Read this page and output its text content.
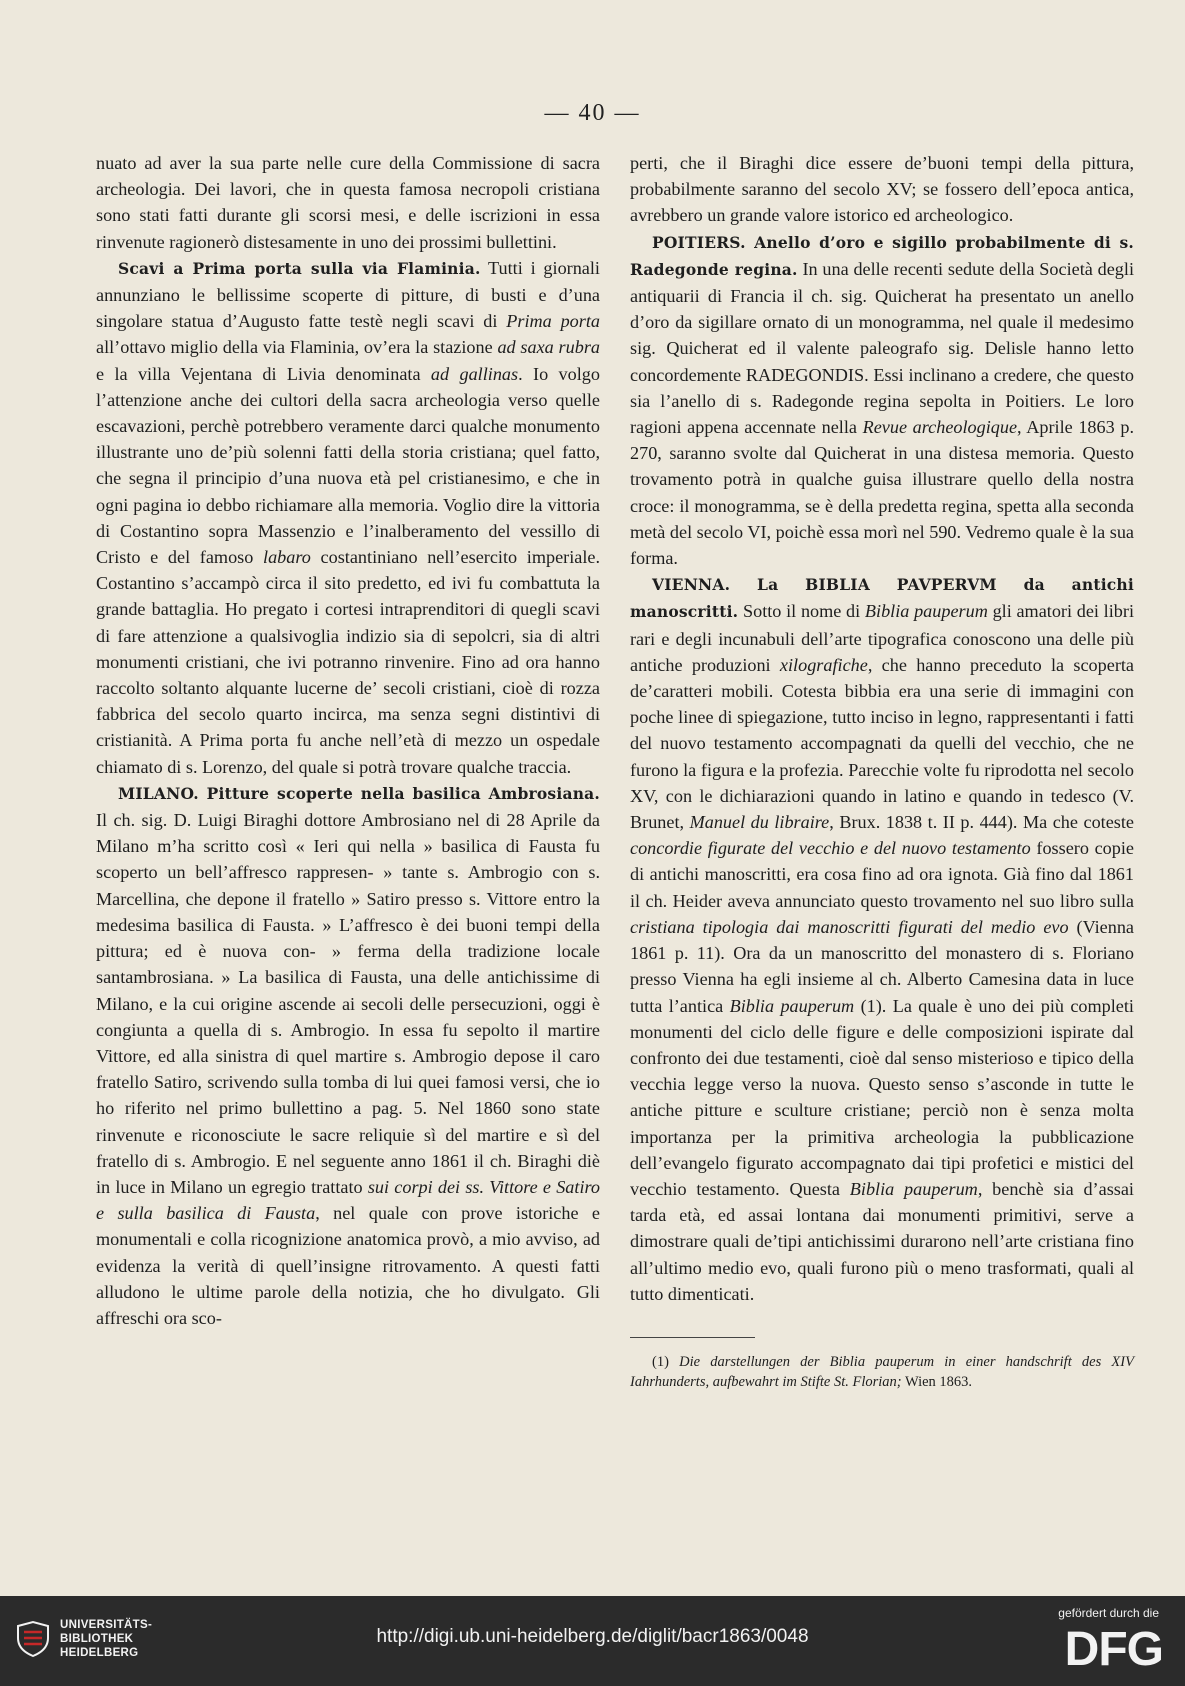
— 40 —

nuato ad aver la sua parte nelle cure della Commissione di sacra archeologia. Dei lavori, che in questa famosa necropoli cristiana sono stati fatti durante gli scorsi mesi, e delle iscrizioni in essa rinvenute ragionerò distesamente in uno dei prossimi bullettini.

Scavi a Prima porta sulla via Flaminia. Tutti i giornali annunziano le bellissime scoperte di pitture, di busti e d’una singolare statua d’Augusto fatte testè negli scavi di Prima porta all’ottavo miglio della via Flaminia, ov’era la stazione ad saxa rubra e la villa Vejentana di Livia denominata ad gallinas. Io volgo l’attenzione anche dei cultori della sacra archeologia verso quelle escavazioni, perchè potrebbero veramente darci qualche monumento illustrante uno de’più solenni fatti della storia cristiana; quel fatto, che segna il principio d’una nuova età pel cristianesimo, e che in ogni pagina io debbo richiamare alla memoria. Voglio dire la vittoria di Costantino sopra Massenzio e l’inalberamento del vessillo di Cristo e del famoso labaro costantiniano nell’esercito imperiale. Costantino s’accampò circa il sito predetto, ed ivi fu combattuta la grande battaglia. Ho pregato i cortesi intraprenditori di quegli scavi di fare attenzione a qualsivoglia indizio sia di sepolcri, sia di altri monumenti cristiani, che ivi potranno rinvenire. Fino ad ora hanno raccolto soltanto alquante lucerne de’ secoli cristiani, cioè di rozza fabbrica del secolo quarto incirca, ma senza segni distintivi di cristianità. A Prima porta fu anche nell’età di mezzo un ospedale chiamato di s. Lorenzo, del quale si potrà trovare qualche traccia.

MILANO. Pitture scoperte nella basilica Ambrosiana. Il ch. sig. D. Luigi Biraghi dottore Ambrosiano nel di 28 Aprile da Milano m’ha scritto così « Ieri qui nella » basilica di Fausta fu scoperto un bell’affresco rappresen- » tante s. Ambrogio con s. Marcellina, che depone il fratello » Satiro presso s. Vittore entro la medesima basilica di Fausta. » L’affresco è dei buoni tempi della pittura; ed è nuova con- » ferma della tradizione locale santambrosiana. » La basilica di Fausta, una delle antichissime di Milano, e la cui origine ascende ai secoli delle persecuzioni, oggi è congiunta a quella di s. Ambrogio. In essa fu sepolto il martire Vittore, ed alla sinistra di quel martire s. Ambrogio depose il caro fratello Satiro, scrivendo sulla tomba di lui quei famosi versi, che io ho riferito nel primo bullettino a pag. 5. Nel 1860 sono state rinvenute e riconosciute le sacre reliquie sì del martire e sì del fratello di s. Ambrogio. E nel seguente anno 1861 il ch. Biraghi diè in luce in Milano un egregio trattato sui corpi dei ss. Vittore e Satiro e sulla basilica di Fausta, nel quale con prove istoriche e monumentali e colla ricognizione anatomica provò, a mio avviso, ad evidenza la verità di quell’insigne ritrovamento. A questi fatti alludono le ultime parole della notizia, che ho divulgato. Gli affreschi ora sco-

perti, che il Biraghi dice essere de’buoni tempi della pittura, probabilmente saranno del secolo XV; se fossero dell’epoca antica, avrebbero un grande valore istorico ed archeologico.

POITIERS. Anello d’oro e sigillo probabilmente di s. Radegonde regina. In una delle recenti sedute della Società degli antiquarii di Francia il ch. sig. Quicherat ha presentato un anello d’oro da sigillare ornato di un monogramma, nel quale il medesimo sig. Quicherat ed il valente paleografo sig. Delisle hanno letto concordemente RADEGONDIS. Essi inclinano a credere, che questo sia l’anello di s. Radegonde regina sepolta in Poitiers. Le loro ragioni appena accennate nella Revue archeologique, Aprile 1863 p. 270, saranno svolte dal Quicherat in una distesa memoria. Questo trovamento potrà in qualche guisa illustrare quello della nostra croce: il monogramma, se è della predetta regina, spetta alla seconda metà del secolo VI, poichè essa morì nel 590. Vedremo quale è la sua forma.

VIENNA. La BIBLIA PAVPERVM da antichi manoscritti. Sotto il nome di Biblia pauperum gli amatori dei libri rari e degli incunabuli dell’arte tipografica conoscono una delle più antiche produzioni xilografiche, che hanno preceduto la scoperta de’caratteri mobili. Cotesta bibbia era una serie di immagini con poche linee di spiegazione, tutto inciso in legno, rappresentanti i fatti del nuovo testamento accompagnati da quelli del vecchio, che ne furono la figura e la profezia. Parecchie volte fu riprodotta nel secolo XV, con le dichiarazioni quando in latino e quando in tedesco (V. Brunet, Manuel du libraire, Brux. 1838 t. II p. 444). Ma che coteste concordie figurate del vecchio e del nuovo testamento fossero copie di antichi manoscritti, era cosa fino ad ora ignota. Già fino dal 1861 il ch. Heider aveva annunciato questo trovamento nel suo libro sulla cristiana tipologia dai manoscritti figurati del medio evo (Vienna 1861 p. 11). Ora da un manoscritto del monastero di s. Floriano presso Vienna ha egli insieme al ch. Alberto Camesina data in luce tutta l’antica Biblia pauperum (1). La quale è uno dei più completi monumenti del ciclo delle figure e delle composizioni ispirate dal confronto dei due testamenti, cioè dal senso misterioso e tipico della vecchia legge verso la nuova. Questo senso s’asconde in tutte le antiche pitture e sculture cristiane; perciò non è senza molta importanza per la primitiva archeologia la pubblicazione dell’evangelo figurato accompagnato dai tipi profetici e mistici del vecchio testamento. Questa Biblia pauperum, benchè sia d’assai tarda età, ed assai lontana dai monumenti primitivi, serve a dimostrare quali de’tipi antichissimi durarono nell’arte cristiana fino all’ultimo medio evo, quali furono più o meno trasformati, quali al tutto dimenticati.

(1) Die darstellungen der Biblia pauperum in einer handschrift des XIV Iahrhunderts, aufbewahrt im Stifte St. Florian; Wien 1863.

UNIVERSITÄTS-
BIBLIOTHEK
HEIDELBERG
http://digi.ub.uni-heidelberg.de/diglit/bacr1863/0048
gefördert durch die
DFG
